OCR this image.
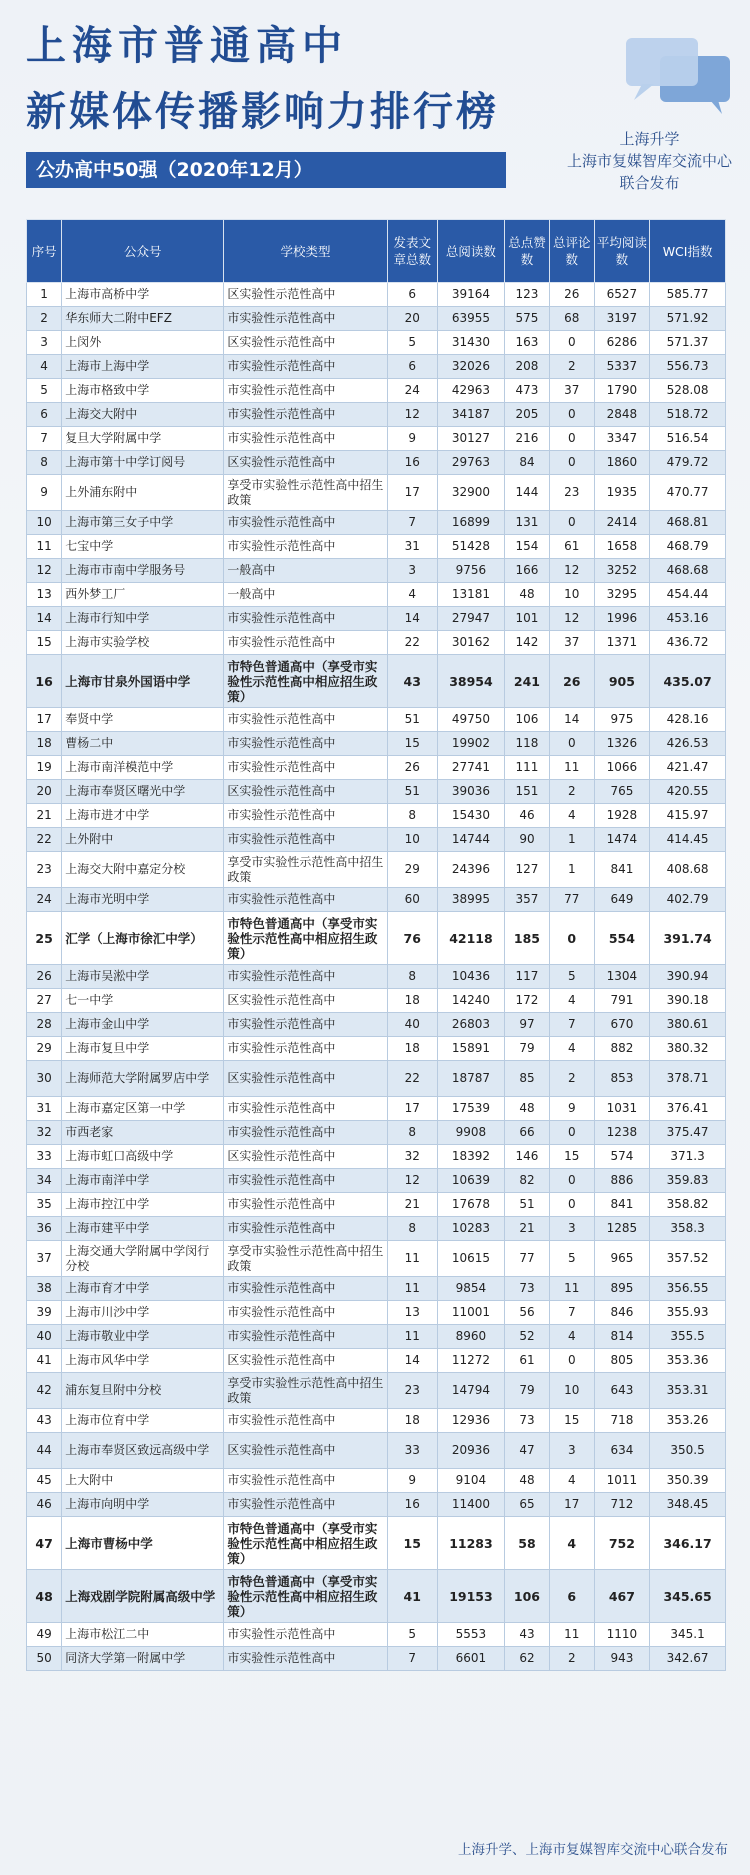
上海市普通高中
新媒体传播影响力排行榜
公办高中50强（2020年12月）
上海升学
上海市复媒智库交流中心
联合发布
序号	公众号	学校类型	发表文章总数	总阅读数	总点赞数	总评论数	平均阅读数	WCI指数
1	上海市高桥中学	区实验性示范性高中	6	39164	123	26	6527	585.77
2	华东师大二附中EFZ	市实验性示范性高中	20	63955	575	68	3197	571.92
3	上闵外	区实验性示范性高中	5	31430	163	0	6286	571.37
4	上海市上海中学	市实验性示范性高中	6	32026	208	2	5337	556.73
5	上海市格致中学	市实验性示范性高中	24	42963	473	37	1790	528.08
6	上海交大附中	市实验性示范性高中	12	34187	205	0	2848	518.72
7	复旦大学附属中学	市实验性示范性高中	9	30127	216	0	3347	516.54
8	上海市第十中学订阅号	区实验性示范性高中	16	29763	84	0	1860	479.72
9	上外浦东附中	享受市实验性示范性高中招生政策	17	32900	144	23	1935	470.77
10	上海市第三女子中学	市实验性示范性高中	7	16899	131	0	2414	468.81
11	七宝中学	市实验性示范性高中	31	51428	154	61	1658	468.79
12	上海市市南中学服务号	一般高中	3	9756	166	12	3252	468.68
13	西外梦工厂	一般高中	4	13181	48	10	3295	454.44
14	上海市行知中学	市实验性示范性高中	14	27947	101	12	1996	453.16
15	上海市实验学校	市实验性示范性高中	22	30162	142	37	1371	436.72
16	上海市甘泉外国语中学	市特色普通高中（享受市实验性示范性高中相应招生政策）	43	38954	241	26	905	435.07
17	奉贤中学	市实验性示范性高中	51	49750	106	14	975	428.16
18	曹杨二中	市实验性示范性高中	15	19902	118	0	1326	426.53
19	上海市南洋模范中学	市实验性示范性高中	26	27741	111	11	1066	421.47
20	上海市奉贤区曙光中学	区实验性示范性高中	51	39036	151	2	765	420.55
21	上海市进才中学	市实验性示范性高中	8	15430	46	4	1928	415.97
22	上外附中	市实验性示范性高中	10	14744	90	1	1474	414.45
23	上海交大附中嘉定分校	享受市实验性示范性高中招生政策	29	24396	127	1	841	408.68
24	上海市光明中学	市实验性示范性高中	60	38995	357	77	649	402.79
25	汇学（上海市徐汇中学）	市特色普通高中（享受市实验性示范性高中相应招生政策）	76	42118	185	0	554	391.74
26	上海市吴淞中学	市实验性示范性高中	8	10436	117	5	1304	390.94
27	七一中学	区实验性示范性高中	18	14240	172	4	791	390.18
28	上海市金山中学	市实验性示范性高中	40	26803	97	7	670	380.61
29	上海市复旦中学	市实验性示范性高中	18	15891	79	4	882	380.32
30	上海师范大学附属罗店中学	区实验性示范性高中	22	18787	85	2	853	378.71
31	上海市嘉定区第一中学	市实验性示范性高中	17	17539	48	9	1031	376.41
32	市西老家	市实验性示范性高中	8	9908	66	0	1238	375.47
33	上海市虹口高级中学	区实验性示范性高中	32	18392	146	15	574	371.3
34	上海市南洋中学	市实验性示范性高中	12	10639	82	0	886	359.83
35	上海市控江中学	市实验性示范性高中	21	17678	51	0	841	358.82
36	上海市建平中学	市实验性示范性高中	8	10283	21	3	1285	358.3
37	上海交通大学附属中学闵行分校	享受市实验性示范性高中招生政策	11	10615	77	5	965	357.52
38	上海市育才中学	市实验性示范性高中	11	9854	73	11	895	356.55
39	上海市川沙中学	市实验性示范性高中	13	11001	56	7	846	355.93
40	上海市敬业中学	市实验性示范性高中	11	8960	52	4	814	355.5
41	上海市风华中学	区实验性示范性高中	14	11272	61	0	805	353.36
42	浦东复旦附中分校	享受市实验性示范性高中招生政策	23	14794	79	10	643	353.31
43	上海市位育中学	市实验性示范性高中	18	12936	73	15	718	353.26
44	上海市奉贤区致远高级中学	区实验性示范性高中	33	20936	47	3	634	350.5
45	上大附中	市实验性示范性高中	9	9104	48	4	1011	350.39
46	上海市向明中学	市实验性示范性高中	16	11400	65	17	712	348.45
47	上海市曹杨中学	市特色普通高中（享受市实验性示范性高中相应招生政策）	15	11283	58	4	752	346.17
48	上海戏剧学院附属高级中学	市特色普通高中（享受市实验性示范性高中相应招生政策）	41	19153	106	6	467	345.65
49	上海市松江二中	市实验性示范性高中	5	5553	43	11	1110	345.1
50	同济大学第一附属中学	市实验性示范性高中	7	6601	62	2	943	342.67
上海升学、上海市复媒智库交流中心联合发布
